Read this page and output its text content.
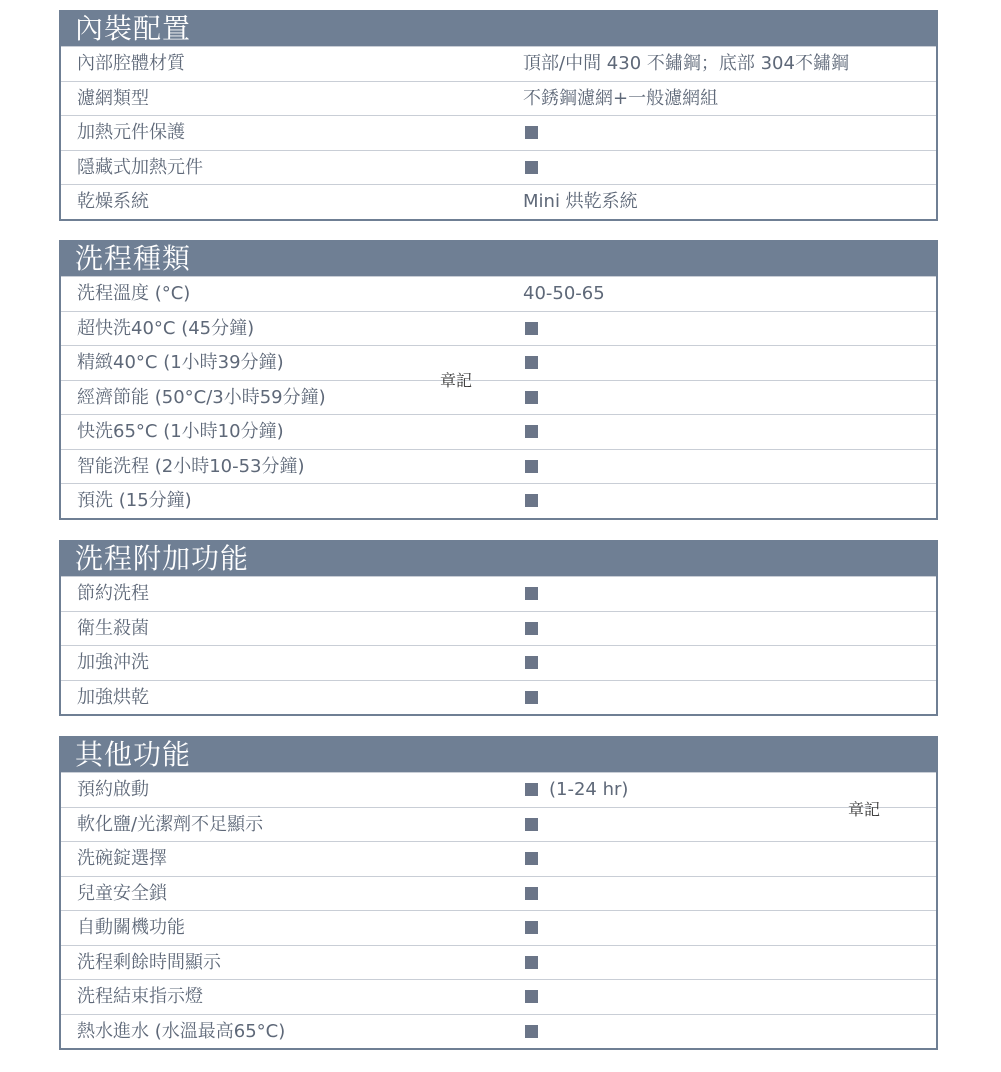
內裝配置
內部腔體材質	頂部/中間 430 不鏽鋼；底部 304不鏽鋼
濾網類型	不銹鋼濾網+一般濾網組
加熱元件保護
隱藏式加熱元件
乾燥系統	Mini 烘乾系統
洗程種類
洗程溫度 (°C)	40-50-65
超快洗40°C (45分鐘)
精緻40°C (1小時39分鐘)
經濟節能 (50°C/3小時59分鐘)
快洗65°C (1小時10分鐘)
智能洗程 (2小時10-53分鐘)
預洗 (15分鐘)
洗程附加功能
節約洗程
衛生殺菌
加強沖洗
加強烘乾
其他功能
預約啟動	(1-24 hr)
軟化鹽/光潔劑不足顯示
洗碗錠選擇
兒童安全鎖
自動關機功能
洗程剩餘時間顯示
洗程結束指示燈
熱水進水 (水溫最高65°C)
章記
章記
